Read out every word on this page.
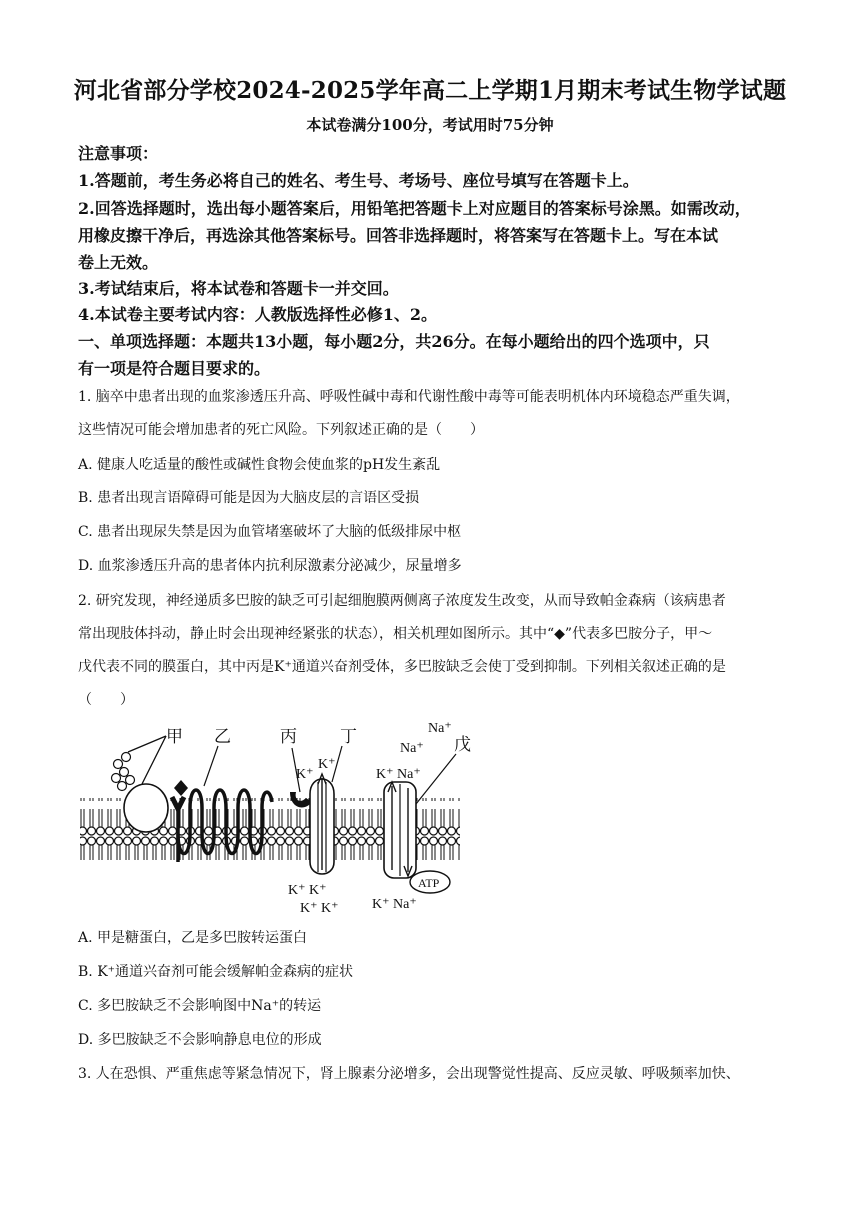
河北省部分学校2024-2025学年高二上学期1月期末考试生物学试题
本试卷满分100分，考试用时75分钟
注意事项：
1.答题前，考生务必将自己的姓名、考生号、考场号、座位号填写在答题卡上。
2.回答选择题时，选出每小题答案后，用铅笔把答题卡上对应题目的答案标号涂黑。如需改动，
用橡皮擦干净后，再选涂其他答案标号。回答非选择题时，将答案写在答题卡上。写在本试
卷上无效。
3.考试结束后，将本试卷和答题卡一并交回。
4.本试卷主要考试内容：人教版选择性必修1、2。
一、单项选择题：本题共13小题，每小题2分，共26分。在每小题给出的四个选项中，只
有一项是符合题目要求的。
1. 脑卒中患者出现的血浆渗透压升高、呼吸性碱中毒和代谢性酸中毒等可能表明机体内环境稳态严重失调，
这些情况可能会增加患者的死亡风险。下列叙述正确的是（　　）
A. 健康人吃适量的酸性或碱性食物会使血浆的pH发生紊乱
B. 患者出现言语障碍可能是因为大脑皮层的言语区受损
C. 患者出现尿失禁是因为血管堵塞破坏了大脑的低级排尿中枢
D. 血浆渗透压升高的患者体内抗利尿激素分泌减少，尿量增多
2. 研究发现，神经递质多巴胺的缺乏可引起细胞膜两侧离子浓度发生改变，从而导致帕金森病（该病患者
常出现肢体抖动，静止时会出现神经紧张的状态），相关机理如图所示。其中“◆”代表多巴胺分子，甲～
戊代表不同的膜蛋白，其中丙是K⁺通道兴奋剂受体，多巴胺缺乏会使丁受到抑制。下列相关叙述正确的是
（　　）
甲 乙	丙	丁
K⁺
K⁺
K⁺ K⁺
K⁺ K⁺
ATP
戊
Na⁺
Na⁺
K⁺ Na⁺
K⁺ Na⁺
A. 甲是糖蛋白，乙是多巴胺转运蛋白
B. K⁺通道兴奋剂可能会缓解帕金森病的症状
C. 多巴胺缺乏不会影响图中Na⁺的转运
D. 多巴胺缺乏不会影响静息电位的形成
3. 人在恐惧、严重焦虑等紧急情况下，肾上腺素分泌增多，会出现警觉性提高、反应灵敏、呼吸频率加快、
